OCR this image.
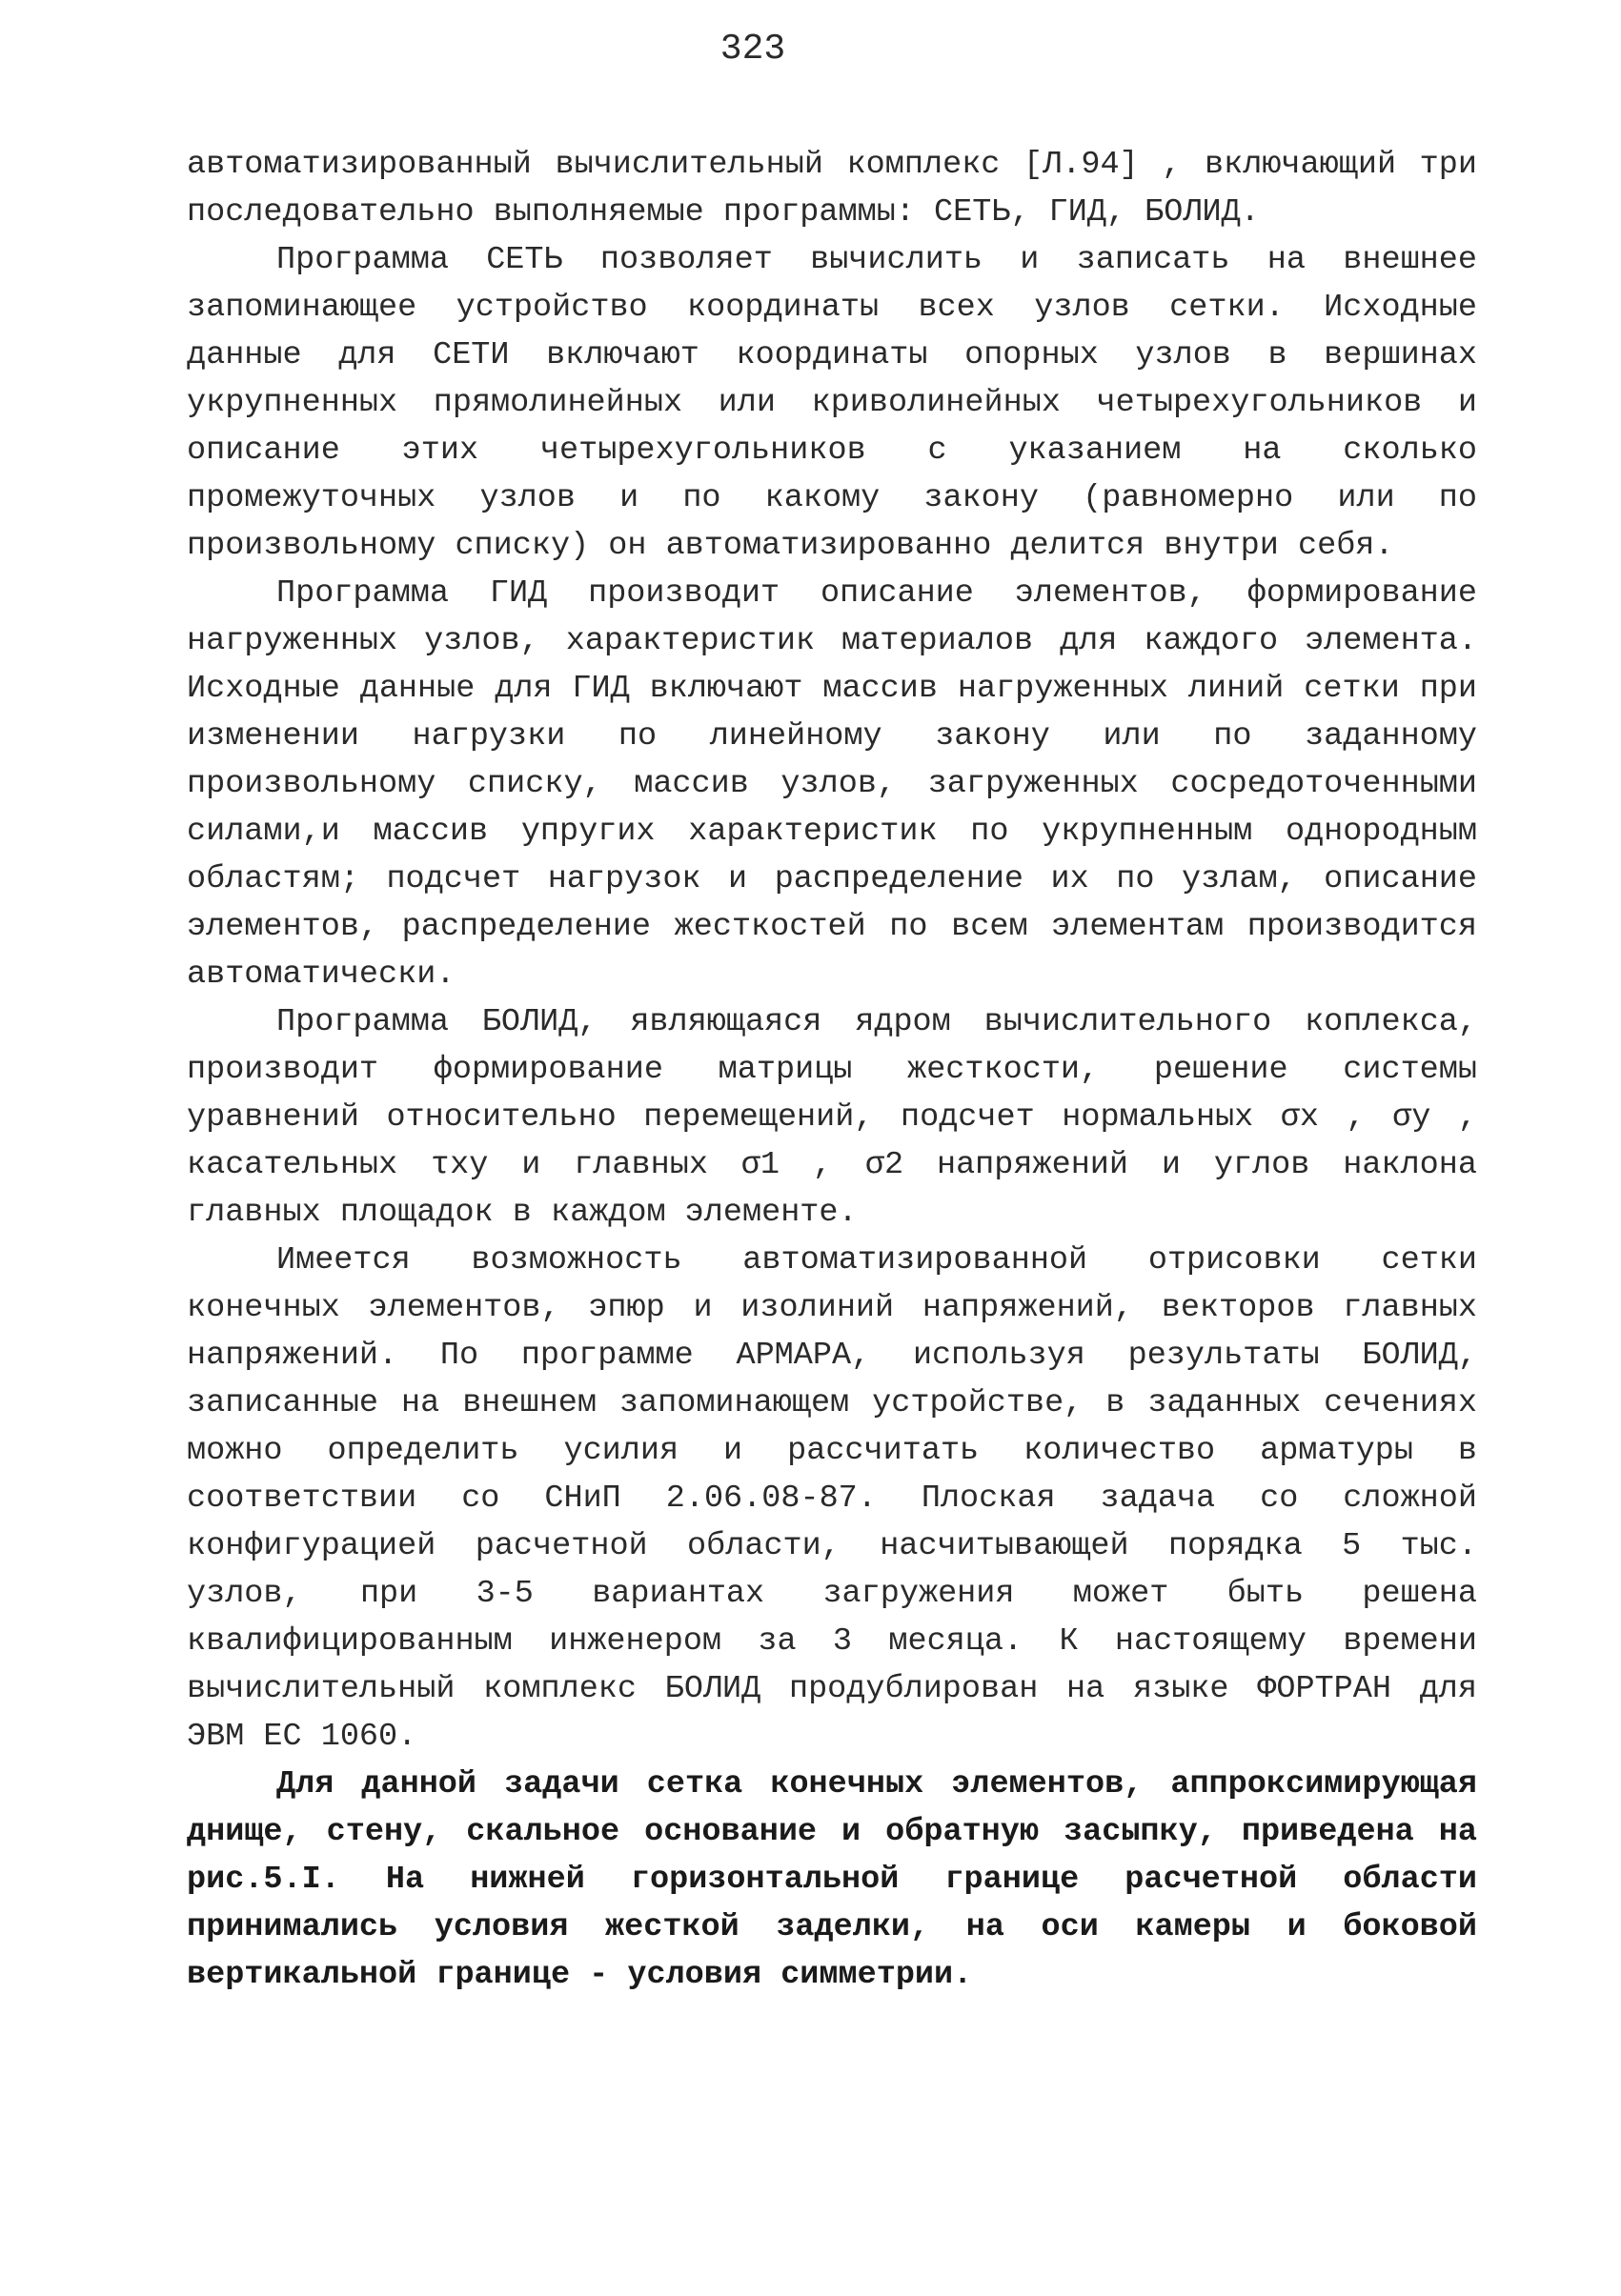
323

автоматизированный вычислительный комплекс [Л.94] , включающий три последовательно выполняемые программы: СЕТЬ, ГИД, БОЛИД.

Программа СЕТЬ позволяет вычислить и записать на внешнее запоминающее устройство координаты всех узлов сетки. Исходные данные для СЕТИ включают координаты опорных узлов в вершинах укрупненных прямолинейных или криволинейных четырехугольников и описание этих четырехугольников с указанием на сколько промежуточных узлов и по какому закону (равномерно или по произвольному списку) он автоматизированно делится внутри себя.

Программа ГИД производит описание элементов, формирование нагруженных узлов, характеристик материалов для каждого элемента. Исходные данные для ГИД включают массив нагруженных линий сетки при изменении нагрузки по линейному закону или по заданному произвольному списку, массив узлов, загруженных сосредоточенными силами,и массив упругих характеристик по укрупненным однородным областям; подсчет нагрузок и распределение их по узлам, описание элементов, распределение жесткостей по всем элементам производится автоматически.

Программа БОЛИД, являющаяся ядром вычислительного коплекса, производит формирование матрицы жесткости, решение системы уравнений относительно перемещений, подсчет нормальных σx , σy , касательных τxy и главных σ1 , σ2 напряжений и углов наклона главных площадок в каждом элементе.

Имеется возможность автоматизированной отрисовки сетки конечных элементов, эпюр и изолиний напряжений, векторов главных напряжений. По программе АРМАРА, используя результаты БОЛИД, записанные на внешнем запоминающем устройстве, в заданных сечениях можно определить усилия и рассчитать количество арматуры в соответствии со СНиП 2.06.08-87. Плоская задача со сложной конфигурацией расчетной области, насчитывающей порядка 5 тыс. узлов, при 3-5 вариантах загружения может быть решена квалифицированным инженером за 3 месяца. К настоящему времени вычислительный комплекс БОЛИД продублирован на языке ФОРТРАН для ЭВМ ЕС 1060.

Для данной задачи сетка конечных элементов, аппроксимирующая днище, стену, скальное основание и обратную засыпку, приведена на рис.5.I. На нижней горизонтальной границе расчетной области принимались условия жесткой заделки, на оси камеры и боковой вертикальной границе - условия симметрии.
